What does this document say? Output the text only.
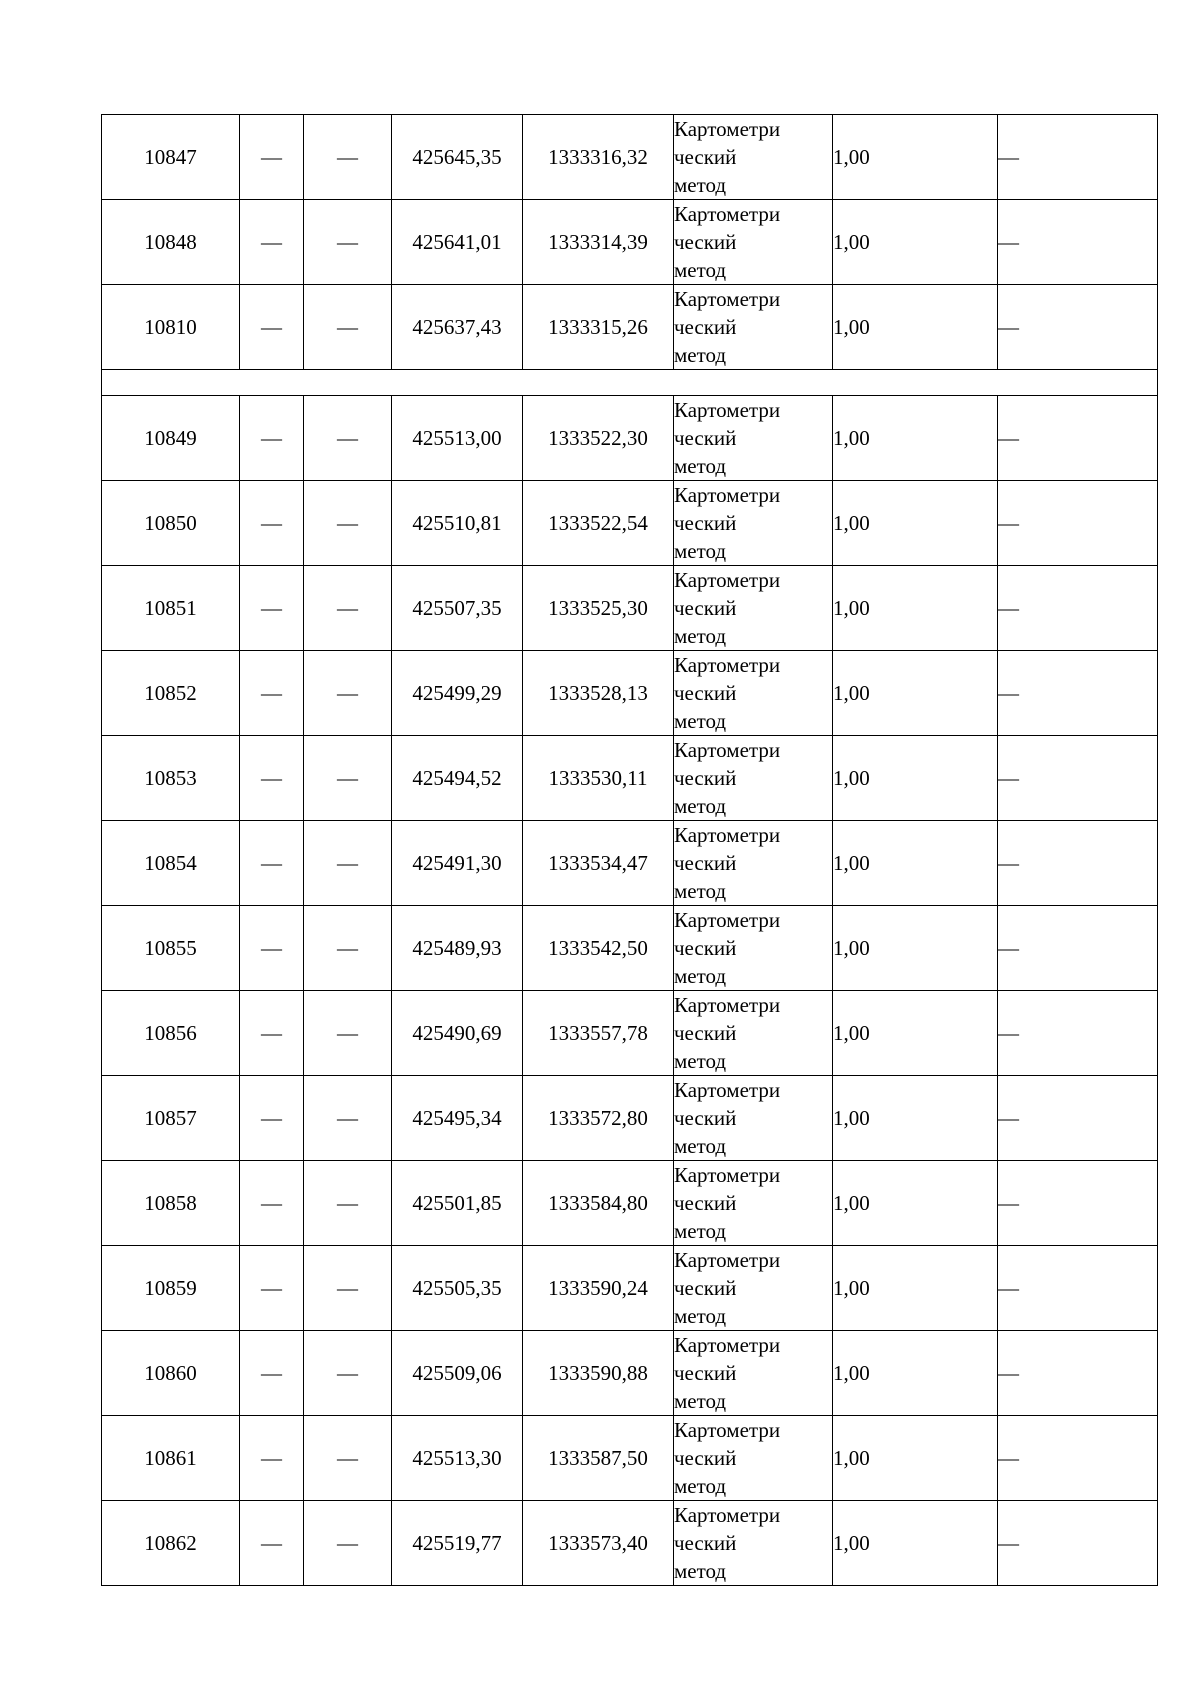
10847	—	—	425645,35	1333316,32	Картометри
ческий
метод	1,00	—
10848	—	—	425641,01	1333314,39	Картометри
ческий
метод	1,00	—
10810	—	—	425637,43	1333315,26	Картометри
ческий
метод	1,00	—

10849	—	—	425513,00	1333522,30	Картометри
ческий
метод	1,00	—
10850	—	—	425510,81	1333522,54	Картометри
ческий
метод	1,00	—
10851	—	—	425507,35	1333525,30	Картометри
ческий
метод	1,00	—
10852	—	—	425499,29	1333528,13	Картометри
ческий
метод	1,00	—
10853	—	—	425494,52	1333530,11	Картометри
ческий
метод	1,00	—
10854	—	—	425491,30	1333534,47	Картометри
ческий
метод	1,00	—
10855	—	—	425489,93	1333542,50	Картометри
ческий
метод	1,00	—
10856	—	—	425490,69	1333557,78	Картометри
ческий
метод	1,00	—
10857	—	—	425495,34	1333572,80	Картометри
ческий
метод	1,00	—
10858	—	—	425501,85	1333584,80	Картометри
ческий
метод	1,00	—
10859	—	—	425505,35	1333590,24	Картометри
ческий
метод	1,00	—
10860	—	—	425509,06	1333590,88	Картометри
ческий
метод	1,00	—
10861	—	—	425513,30	1333587,50	Картометри
ческий
метод	1,00	—
10862	—	—	425519,77	1333573,40	Картометри
ческий
метод	1,00	—
